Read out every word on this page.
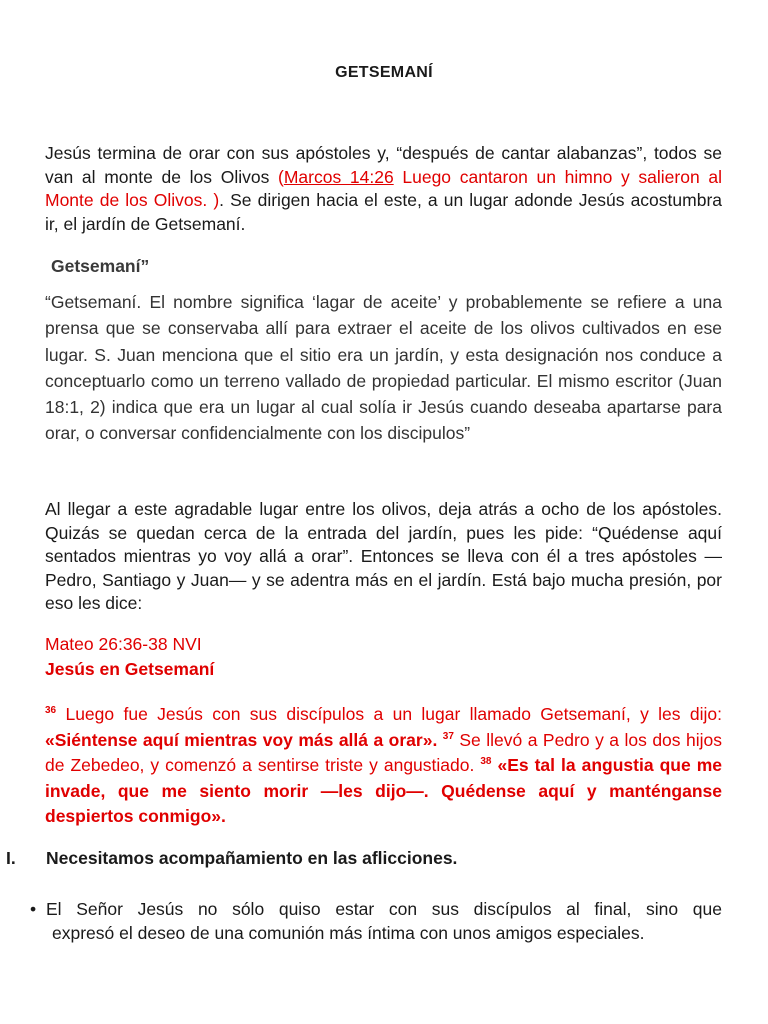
GETSEMANÍ
Jesús termina de orar con sus apóstoles y, “después de cantar alabanzas”, todos se van al monte de los Olivos (Marcos 14:26 Luego cantaron un himno y salieron al Monte de los Olivos. ). Se dirigen hacia el este, a un lugar adonde Jesús acostumbra ir, el jardín de Getsemaní.
Getsemaní”
“Getsemaní. El nombre significa ‘lagar de aceite’ y probablemente se refiere a una prensa que se conservaba allí para extraer el aceite de los olivos cultivados en ese lugar. S. Juan menciona que el sitio era un jardín, y esta designación nos conduce a conceptuarlo como un terreno vallado de propiedad particular. El mismo escritor (Juan 18:1, 2) indica que era un lugar al cual solía ir Jesús cuando deseaba apartarse para orar, o conversar confidencialmente con los discipulos”
Al llegar a este agradable lugar entre los olivos, deja atrás a ocho de los apóstoles. Quizás se quedan cerca de la entrada del jardín, pues les pide: “Quédense aquí sentados mientras yo voy allá a orar”. Entonces se lleva con él a tres apóstoles —Pedro, Santiago y Juan— y se adentra más en el jardín. Está bajo mucha presión, por eso les dice:
Mateo 26:36-38 NVI
Jesús en Getsemaní
$^{36}$ Luego fue Jesús con sus discípulos a un lugar llamado Getsemaní, y les dijo: «Siéntense aquí mientras voy más allá a orar». $^{37}$ Se llevó a Pedro y a los dos hijos de Zebedeo, y comenzó a sentirse triste y angustiado. $^{38}$ «Es tal la angustia que me invade, que me siento morir —les dijo—. Quédense aquí y manténganse despiertos conmigo».
I. Necesitamos acompañamiento en las aflicciones.
• El Señor Jesús no sólo quiso estar con sus discípulos al final, sino que
expresó el deseo de una comunión más íntima con unos amigos especiales.
